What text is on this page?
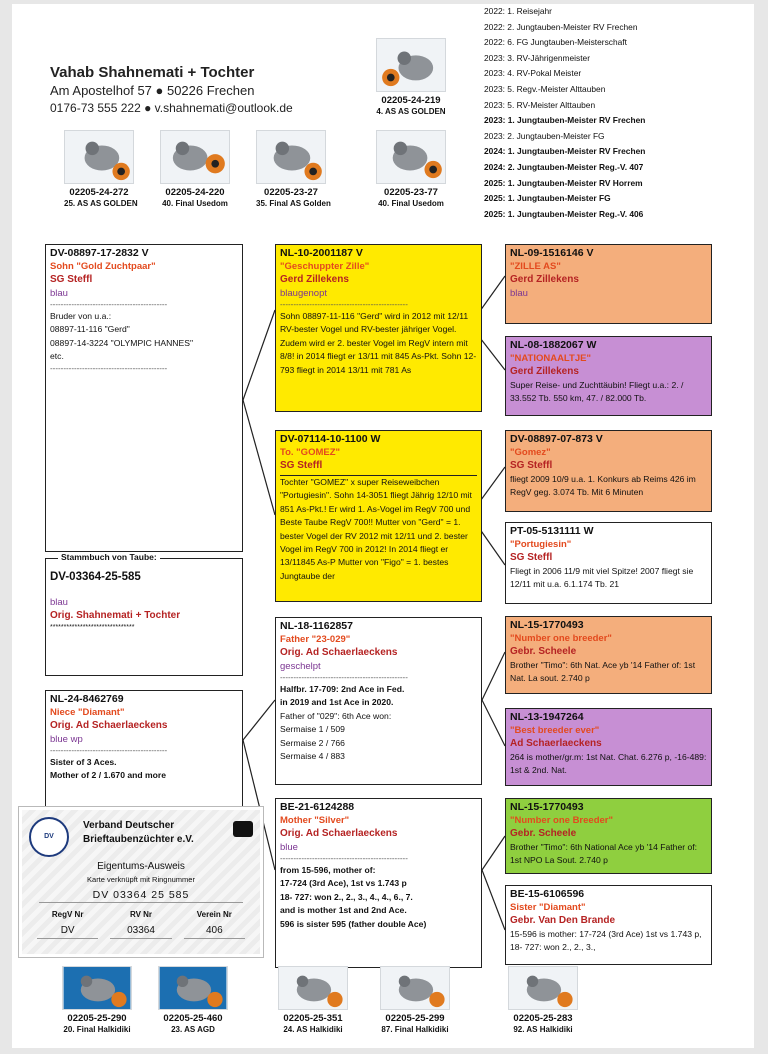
Vahab Shahnemati + Tochter
Am Apostelhof 57 ● 50226 Frechen
0176-73 555 222 ● v.shahnemati@outlook.de
2022: 1. Reisejahr
2022: 2. Jungtauben-Meister RV Frechen
2022: 6. FG Jungtauben-Meisterschaft
2023: 3. RV-Jährigenmeister
2023: 4. RV-Pokal Meister
2023: 5. Regv.-Meister Alttauben
2023: 5. RV-Meister Alttauben
2023: 1. Jungtauben-Meister RV Frechen
2023: 2. Jungtauben-Meister FG
2024: 1. Jungtauben-Meister RV Frechen
2024: 2. Jungtauben-Meister Reg.-V. 407
2025: 1. Jungtauben-Meister RV Horrem
2025: 1. Jungtauben-Meister FG
2025: 1. Jungtauben-Meister Reg.-V. 406
02205-24-219
4. AS AS GOLDEN
02205-24-272
25. AS AS GOLDEN
02205-24-220
40. Final Usedom
02205-23-27
35. Final AS Golden
02205-23-77
40. Final Usedom
DV-08897-17-2832 V
Sohn "Gold Zuchtpaar"
SG Steffl
blau
--------------------------------------------
Bruder von u.a.:
08897-11-116 "Gerd"
08897-14-3224 "OLYMPIC HANNES"
etc.
--------------------------------------------
DV-03364-25-585
blau
Orig. Shahnemati + Tochter
*******************************
Stammbuch von Taube:
NL-24-8462769
Niece "Diamant"
Orig. Ad Schaerlaeckens
blue wp
--------------------------------------------
Sister of 3 Aces.
Mother of 2 / 1.670 and more
NL-10-2001187 V
"Geschuppter Zille"
Gerd Zillekens
blaugenopt
------------------------------------------------
Sohn 08897-11-116 "Gerd" wird in 2012 mit 12/11 RV-bester Vogel und RV-bester jähriger Vogel. Zudem wird er 2. bester Vogel im RegV intern mit 8/8! in 2014 fliegt er 13/11 mit 845 As-Pkt. Sohn 12-793 fliegt in 2014 13/11 mit 781 As
DV-07114-10-1100 W
To. "GOMEZ"
SG Steffl
Tochter "GOMEZ" x super Reiseweibchen "Portugiesin". Sohn 14-3051 fliegt Jährig 12/10 mit 851 As-Pkt.! Er wird 1. As-Vogel im RegV 700 und Beste Taube RegV 700!! Mutter von "Gerd" = 1. bester Vogel der RV 2012 mit 12/11 und 2. bester Vogel im RegV 700 in 2012! In 2014 fliegt er 13/11845 As-P Mutter von "Figo" = 1. bestes Jungtaube der
NL-18-1162857
Father "23-029"
Orig. Ad Schaerlaeckens
geschelpt
------------------------------------------------
Halfbr. 17-709: 2nd Ace in Fed.
in 2019 and 1st Ace in 2020.
Father of "029": 6th Ace won:
Sermaise 1 / 509
Sermaise 2 / 766
Sermaise 4 / 883
BE-21-6124288
Mother "Silver"
Orig. Ad Schaerlaeckens
blue
------------------------------------------------
from 15-596, mother of:
17-724 (3rd Ace), 1st vs 1.743 p
18- 727: won 2., 2., 3., 4., 4., 6., 7.
and is mother 1st and 2nd Ace.
596 is sister 595 (father double Ace)
NL-09-1516146 V
"ZILLE AS"
Gerd Zillekens
blau
NL-08-1882067 W
"NATIONAALTJE"
Gerd Zillekens
Super Reise- und Zuchttäubin! Fliegt u.a.: 2. / 33.552 Tb. 550 km, 47. / 82.000 Tb.
DV-08897-07-873 V
"Gomez"
SG Steffl
fliegt 2009 10/9 u.a. 1. Konkurs ab Reims 426 im RegV geg. 3.074 Tb. Mit 6 Minuten
PT-05-5131111 W
"Portugiesin"
SG Steffl
Fliegt in 2006 11/9 mit viel Spitze! 2007 fliegt sie 12/11 mit u.a. 6.1.174 Tb. 21
NL-15-1770493
"Number one breeder"
Gebr. Scheele
Brother "Timo": 6th Nat. Ace yb '14 Father of: 1st Nat. La sout. 2.740 p
NL-13-1947264
"Best breeder ever"
Ad Schaerlaeckens
264 is mother/gr.m: 1st Nat. Chat. 6.276 p, -16-489: 1st & 2nd. Nat.
NL-15-1770493
"Number one Breeder"
Gebr. Scheele
Brother "Timo": 6th National Ace yb '14 Father of: 1st NPO La Sout. 2.740 p
BE-15-6106596
Sister "Diamant"
Gebr. Van Den Brande
15-596 is mother: 17-724 (3rd Ace) 1st vs 1.743 p, 18- 727: won 2., 2., 3.,
DV
Verband Deutscher Brieftaubenzüchter e.V.
Eigentums-Ausweis
Karte verknüpft mit Ringnummer
DV 03364 25 585
RegV Nr	RV Nr	Verein Nr
DV	03364	406
02205-25-290
20. Final Halkidiki
02205-25-460
23. AS AGD
02205-25-351
24. AS Halkidiki
02205-25-299
87. Final Halkidiki
02205-25-283
92. AS Halkidiki
